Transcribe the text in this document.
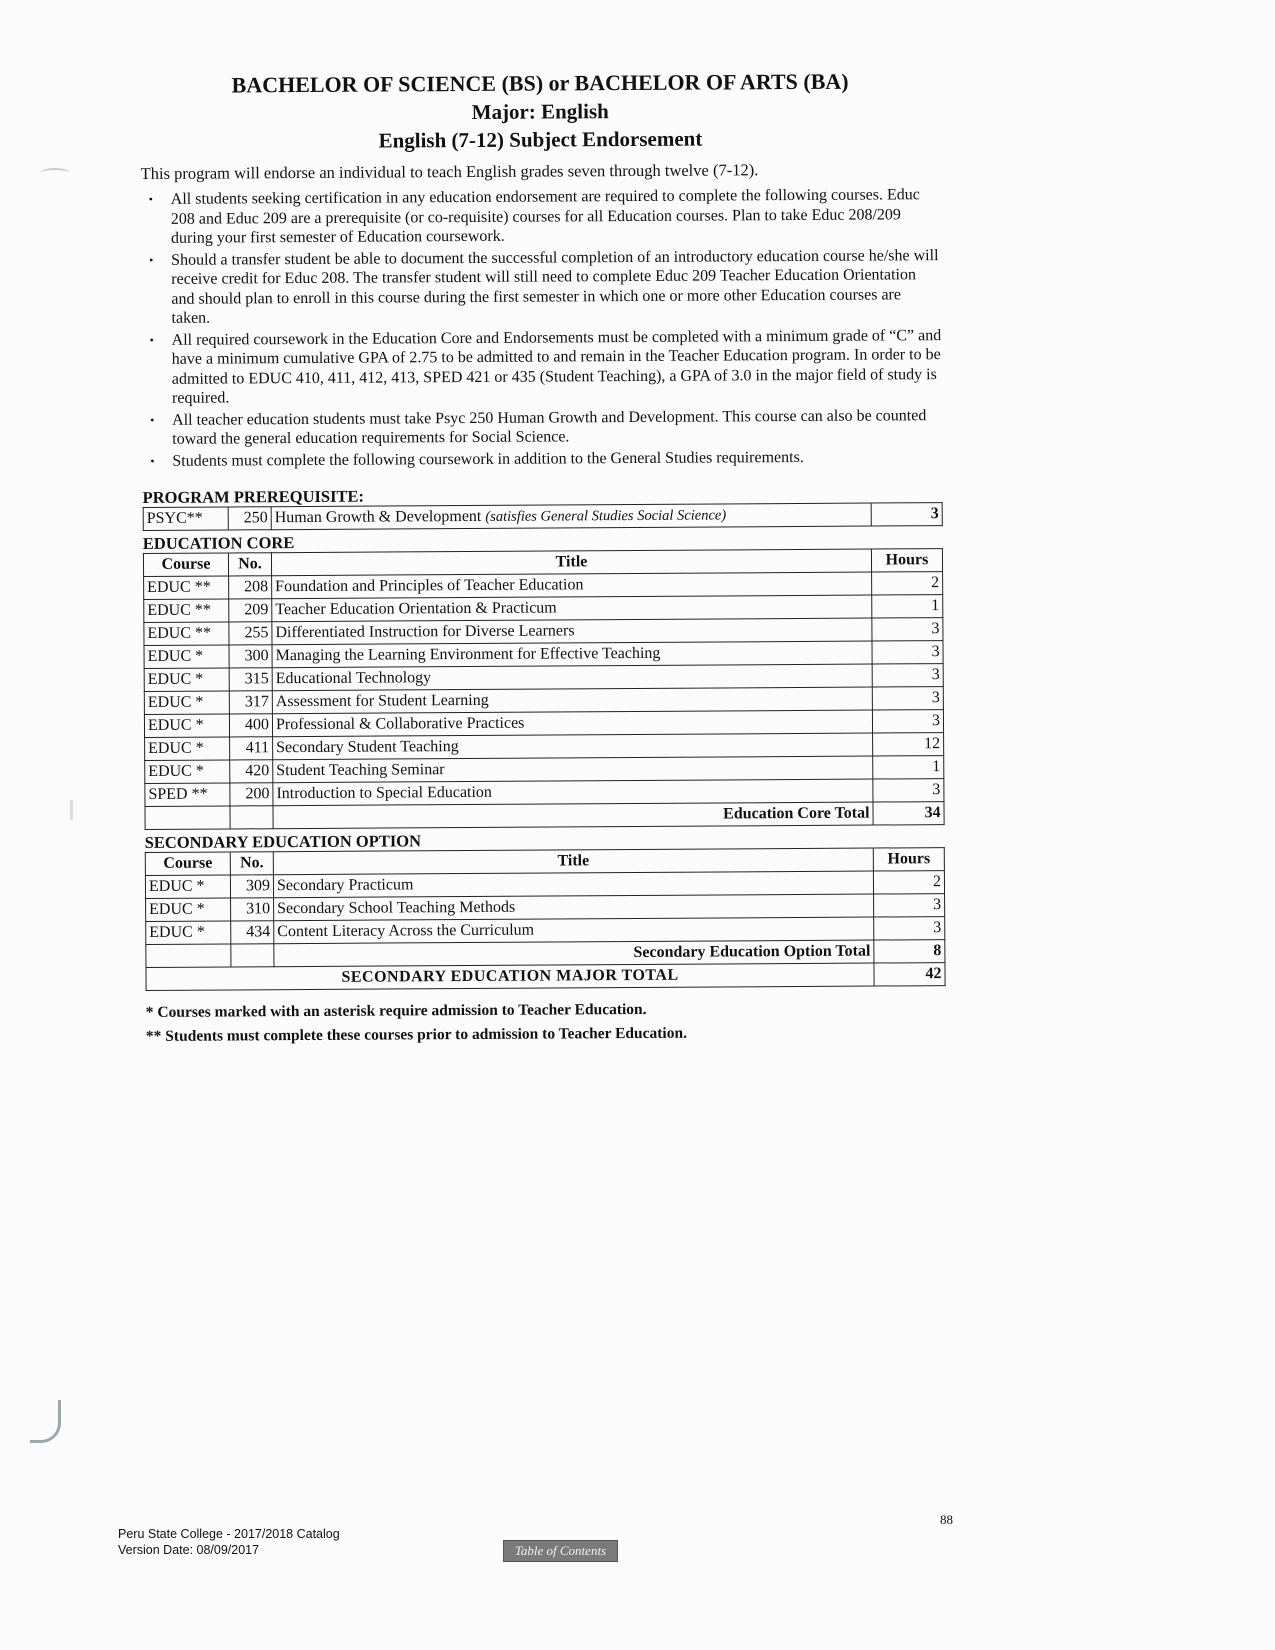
BACHELOR OF SCIENCE (BS) or BACHELOR OF ARTS (BA)
Major: English
English (7-12) Subject Endorsement
This program will endorse an individual to teach English grades seven through twelve (7-12).
• All students seeking certification in any education endorsement are required to complete the following courses. Educ 208 and Educ 209 are a prerequisite (or co-requisite) courses for all Education courses. Plan to take Educ 208/209 during your first semester of Education coursework.
• Should a transfer student be able to document the successful completion of an introductory education course he/she will receive credit for Educ 208. The transfer student will still need to complete Educ 209 Teacher Education Orientation and should plan to enroll in this course during the first semester in which one or more other Education courses are taken.
• All required coursework in the Education Core and Endorsements must be completed with a minimum grade of “C” and have a minimum cumulative GPA of 2.75 to be admitted to and remain in the Teacher Education program. In order to be admitted to EDUC 410, 411, 412, 413, SPED 421 or 435 (Student Teaching), a GPA of 3.0 in the major field of study is required.
• All teacher education students must take Psyc 250 Human Growth and Development. This course can also be counted toward the general education requirements for Social Science.
• Students must complete the following coursework in addition to the General Studies requirements.
PROGRAM PREREQUISITE:
PSYC**	250	Human Growth & Development (satisfies General Studies Social Science)	3
EDUCATION CORE
Course	No.	Title	Hours
EDUC **	208	Foundation and Principles of Teacher Education	2
EDUC **	209	Teacher Education Orientation & Practicum	1
EDUC **	255	Differentiated Instruction for Diverse Learners	3
EDUC *	300	Managing the Learning Environment for Effective Teaching	3
EDUC *	315	Educational Technology	3
EDUC *	317	Assessment for Student Learning	3
EDUC *	400	Professional & Collaborative Practices	3
EDUC *	411	Secondary Student Teaching	12
EDUC *	420	Student Teaching Seminar	1
SPED **	200	Introduction to Special Education	3
		Education Core Total	34
SECONDARY EDUCATION OPTION
Course	No.	Title	Hours
EDUC *	309	Secondary Practicum	2
EDUC *	310	Secondary School Teaching Methods	3
EDUC *	434	Content Literacy Across the Curriculum	3
		Secondary Education Option Total	8
SECONDARY EDUCATION MAJOR TOTAL			42
* Courses marked with an asterisk require admission to Teacher Education.
** Students must complete these courses prior to admission to Teacher Education.
88
Peru State College - 2017/2018 Catalog
Version Date: 08/09/2017	Table of Contents
